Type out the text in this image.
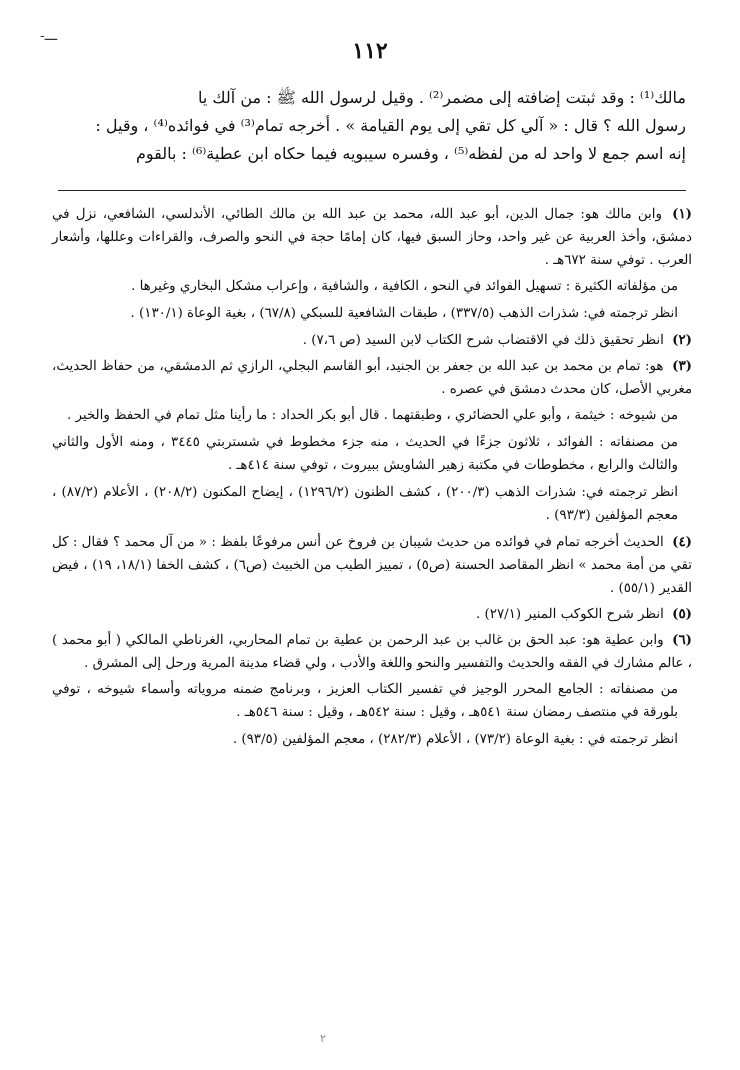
-ـــ
١١٢

مالك⁽¹⁾ : وقد ثبتت إضافته إلى مضمر⁽²⁾ . وقيل لرسول الله ﷺ : من آلك يا

رسول الله ؟ قال : « آلي كل تقي إلى يوم القيامة » . أخرجه تمام⁽³⁾ في فوائده⁽⁴⁾ ، وقيل :

إنه اسم جمع لا واحد له من لفظه⁽⁵⁾ ، وفسره سيبويه فيما حكاه ابن عطية⁽⁶⁾ : بالقوم

(١) وابن مالك هو: جمال الدين، أبو عبد الله، محمد بن عبد الله بن مالك الطائي، الأندلسي، الشافعي، نزل في دمشق، وأخذ العربية عن غير واحد، وحاز السبق فيها، كان إمامًا حجة في النحو والصرف، والقراءات وعللها، وأشعار العرب . توفي سنة ٦٧٢هـ .
من مؤلفاته الكثيرة : تسهيل الفوائد في النحو ، الكافية ، والشافية ، وإعراب مشكل البخاري وغيرها .
انظر ترجمته في: شذرات الذهب (٣٣٧/٥) ، طبقات الشافعية للسبكي (٦٧/٨) ، بغية الوعاة (١٣٠/١) .
(٢) انظر تحقيق ذلك في الاقتضاب شرح الكتاب لابن السيد (ص ٧،٦) .
(٣) هو: تمام بن محمد بن عبد الله بن جعفر بن الجنيد، أبو القاسم البجلي، الرازي ثم الدمشقي، من حفاظ الحديث، مغربي الأصل، كان محدث دمشق في عصره .
من شيوخه : خيثمة ، وأبو علي الحضائري ، وطبقتهما . قال أبو بكر الحداد : ما رأينا مثل تمام في الحفظ والخير .
من مصنفاته : الفوائد ، ثلاثون جزءًا في الحديث ، منه جزء مخطوط في شستربتي ٣٤٤٥ ، ومنه الأول والثاني والثالث والرابع ، مخطوطات في مكتبة زهير الشاويش ببيروت ، توفي سنة ٤١٤هـ .
انظر ترجمته في: شذرات الذهب (٢٠٠/٣) ، كشف الظنون (١٢٩٦/٢) ، إيضاح المكنون (٢٠٨/٢) ، الأعلام (٨٧/٢) ، معجم المؤلفين (٩٣/٣) .
(٤) الحديث أخرجه تمام في فوائده من حديث شيبان بن فروخ عن أنس مرفوعًا بلفظ : « من آل محمد ؟ فقال : كل تقي من أمة محمد » انظر المقاصد الحسنة (ص٥) ، تمييز الطيب من الخبيث (ص٦) ، كشف الخفا (١٨/١، ١٩) ، فيض القدير (٥٥/١) .
(٥) انظر شرح الكوكب المنير (٢٧/١) .
(٦) وابن عطية هو: عبد الحق بن غالب بن عبد الرحمن بن عطية بن تمام المحاربي، الغرناطي المالكي ( أبو محمد ) ، عالم مشارك في الفقه والحديث والتفسير والنحو واللغة والأدب ، ولي قضاء مدينة المرية ورحل إلى المشرق .
من مصنفاته : الجامع المحرر الوجيز في تفسير الكتاب العزيز ، وبرنامج ضمنه مروياته وأسماء شيوخه ، توفي بلورقة في منتصف رمضان سنة ٥٤١هـ ، وقيل : سنة ٥٤٢هـ ، وقيل : سنة ٥٤٦هـ .
انظر ترجمته في : بغية الوعاة (٧٣/٢) ، الأعلام (٢٨٢/٣) ، معجم المؤلفين (٩٣/٥) .
٢
